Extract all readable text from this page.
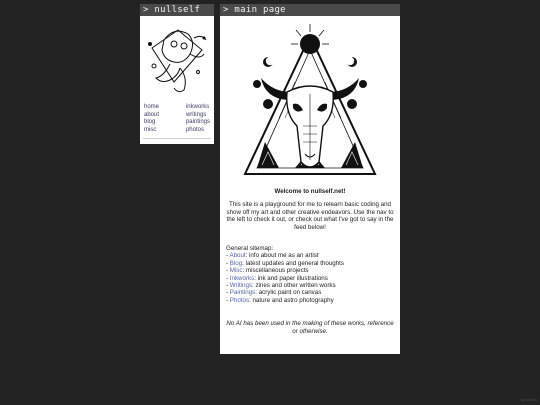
> nullself
home
about
blog
misc
inkworks
writings
paintings
photos
> main page
Welcome to nullself.net!
This site is a playground for me to relearn basic coding and show off my art and other creative endeavors. Use the nav to the left to check it out, or check out what I've got to say in the feed below!
General sitemap:
- About: info about me as an artist
- Blog: latest updates and general thoughts
- Misc: miscellaneous projects
- Inkworks: ink and paper illustrations
- Writings: zines and other written works
- Paintings: acrylic paint on canvas
- Photos: nature and astro photography
No AI has been used in the making of these works, reference or otherwise.
Neocities
